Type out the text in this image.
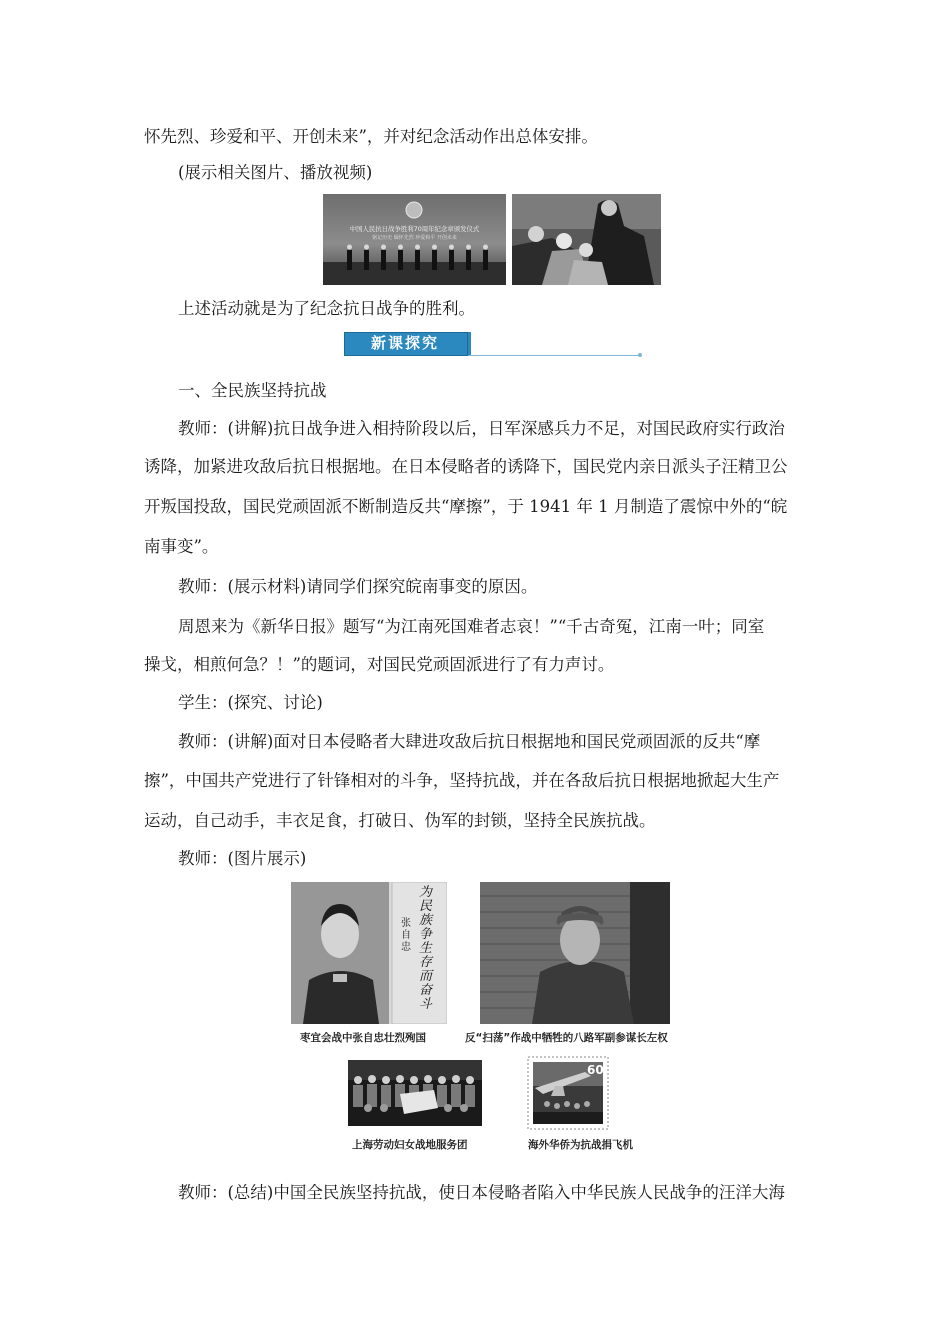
怀先烈、珍爱和平、开创未来”，并对纪念活动作出总体安排。
(展示相关图片、播放视频)
中国人民抗日战争胜利70周年纪念章颁发仪式
铭记历史 缅怀先烈 珍爱和平 开创未来
上述活动就是为了纪念抗日战争的胜利。
新课探究
一、全民族坚持抗战
教师：(讲解)抗日战争进入相持阶段以后，日军深感兵力不足，对国民政府实行政治
诱降，加紧进攻敌后抗日根据地。在日本侵略者的诱降下，国民党内亲日派头子汪精卫公
开叛国投敌，国民党顽固派不断制造反共“摩擦”，于 1941 年 1 月制造了震惊中外的“皖
南事变”。
教师：(展示材料)请同学们探究皖南事变的原因。
周恩来为《新华日报》题写“为江南死国难者志哀！”“千古奇冤，江南一叶；同室
操戈，相煎何急？！”的题词，对国民党顽固派进行了有力声讨。
学生：(探究、讨论)
教师：(讲解)面对日本侵略者大肆进攻敌后抗日根据地和国民党顽固派的反共“摩
擦”，中国共产党进行了针锋相对的斗争，坚持抗战，并在各敌后抗日根据地掀起大生产
运动，自己动手，丰衣足食，打破日、伪军的封锁，坚持全民族抗战。
教师：(图片展示)
为民族争生存而奋斗
张自忠
枣宜会战中张自忠壮烈殉国	反“扫荡”作战中牺牲的八路军副参谋长左权
上海劳动妇女战地服务团
60
海外华侨为抗战捐飞机
教师：(总结)中国全民族坚持抗战，使日本侵略者陷入中华民族人民战争的汪洋大海
